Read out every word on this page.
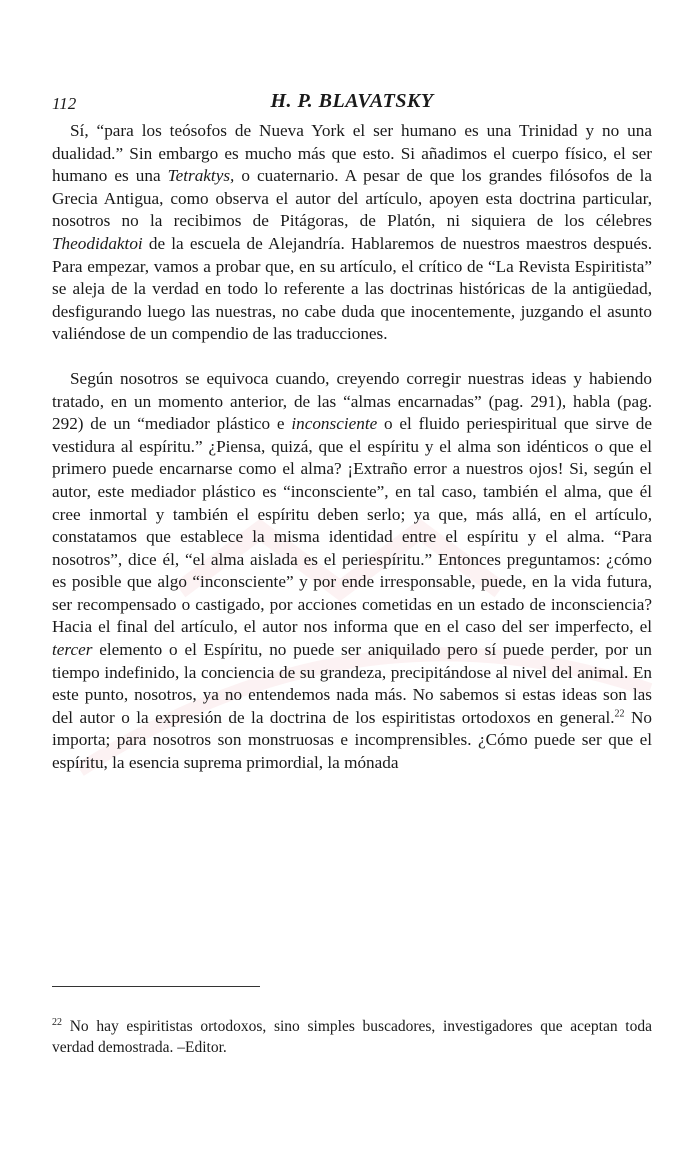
112	H. P. BLAVATSKY

Sí, “para los teósofos de Nueva York el ser humano es una Trinidad y no una dualidad.” Sin embargo es mucho más que esto. Si añadimos el cuerpo físico, el ser humano es una Tetraktys, o cuaternario. A pesar de que los grandes filósofos de la Grecia Antigua, como observa el autor del artículo, apoyen esta doctrina particular, nosotros no la recibimos de Pitágoras, de Platón, ni siquiera de los célebres Theodidaktoi de la escuela de Alejandría. Hablaremos de nuestros maestros después. Para empezar, vamos a probar que, en su artículo, el crítico de “La Revista Espiritista” se aleja de la verdad en todo lo referente a las doctrinas históricas de la antigüedad, desfigurando luego las nuestras, no cabe duda que inocentemente, juzgando el asunto valiéndose de un compendio de las traducciones.

Según nosotros se equivoca cuando, creyendo corregir nuestras ideas y habiendo tratado, en un momento anterior, de las “almas encarnadas” (pag. 291), habla (pag. 292) de un “mediador plástico e inconsciente o el fluido periespiritual que sirve de vestidura al espíritu.” ¿Piensa, quizá, que el espíritu y el alma son idénticos o que el primero puede encarnarse como el alma? ¡Extraño error a nuestros ojos! Si, según el autor, este mediador plástico es “inconsciente”, en tal caso, también el alma, que él cree inmortal y también el espíritu deben serlo; ya que, más allá, en el artículo, constatamos que establece la misma identidad entre el espíritu y el alma. “Para nosotros”, dice él, “el alma aislada es el periespíritu.” Entonces preguntamos: ¿cómo es posible que algo “inconsciente” y por ende irresponsable, puede, en la vida futura, ser recompensado o castigado, por acciones cometidas en un estado de inconsciencia? Hacia el final del artículo, el autor nos informa que en el caso del ser imperfecto, el tercer elemento o el Espíritu, no puede ser aniquilado pero sí puede perder, por un tiempo indefinido, la conciencia de su grandeza, precipitándose al nivel del animal. En este punto, nosotros, ya no entendemos nada más. No sabemos si estas ideas son las del autor o la expresión de la doctrina de los espiritistas ortodoxos en general.$^{22}$ No importa; para nosotros son monstruosas e incomprensibles. ¿Cómo puede ser que el espíritu, la esencia suprema primordial, la mónada

$^{22}$ No hay espiritistas ortodoxos, sino simples buscadores, investigadores que aceptan toda verdad demostrada. –Editor.
